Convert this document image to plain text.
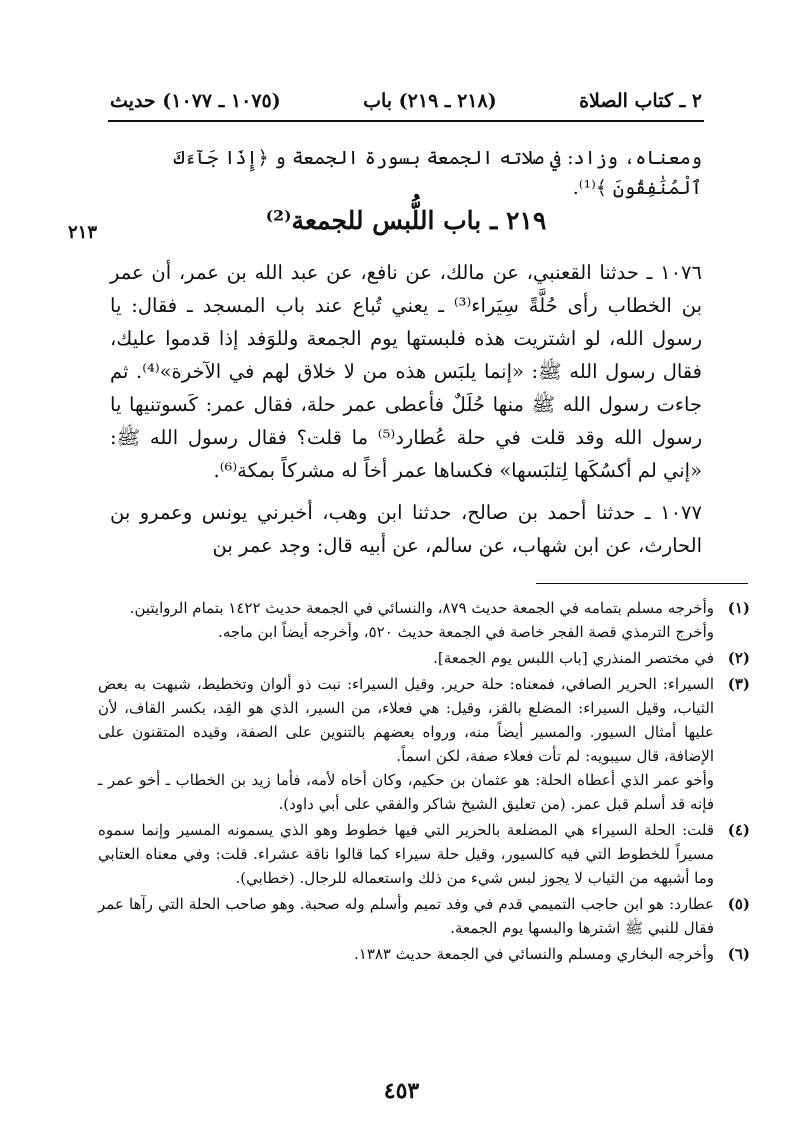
٢ ـ كتاب الصلاة
(٢١٨ ـ ٢١٩) باب
(١٠٧٥ ـ ١٠٧٧) حديث
ومعناه، وزاد: في صلاته الجمعة بسورة الجمعة و ﴿إِذَا جَآءَكَ ٱلْمُنَٰفِقُونَ ﴾⁽¹⁾.
٢١٩ ـ باب اللُّبس للجمعة⁽²⁾
٢١٣
١٠٧٦ ـ حدثنا القعنبي، عن مالك، عن نافع، عن عبد الله بن عمر، أن عمر بن الخطاب رأى حُلَّةً سِيَراء⁽³⁾ ـ يعني تُباع عند باب المسجد ـ فقال: يا رسول الله، لو اشتريت هذه فلبستها يوم الجمعة وللوَفد إذا قدموا عليك، فقال رسول الله ﷺ: «إنما يلبَس هذه من لا خلاق لهم في الآخرة»⁽⁴⁾. ثم جاءت رسول الله ﷺ منها حُلَلٌ فأعطى عمر حلة، فقال عمر: كَسوتنيها يا رسول الله وقد قلت في حلة عُطارد⁽⁵⁾ ما قلت؟ فقال رسول الله ﷺ: «إني لم أكسُكَها لِتلبَسها» فكساها عمر أخاً له مشركاً بمكة⁽⁶⁾.
١٠٧٧ ـ حدثنا أحمد بن صالح، حدثنا ابن وهب، أخبرني يونس وعمرو بن الحارث، عن ابن شهاب، عن سالم، عن أبيه قال: وجد عمر بن
(١)
وأخرجه مسلم بتمامه في الجمعة حديث ٨٧٩، والنسائي في الجمعة حديث ١٤٢٢ بتمام الروايتين.
وأخرج الترمذي قصة الفجر خاصة في الجمعة حديث ٥٢٠، وأخرجه أيضاً ابن ماجه.
(٢)
في مختصر المنذري [باب اللبس يوم الجمعة].
(٣)
السيراء: الحرير الصافي، فمعناه: حلة حرير. وقيل السيراء: نبت ذو ألوان وتخطيط، شبهت به بعض الثياب، وقيل السيراء: المضلع بالقز، وقيل: هي فعلاء، من السير، الذي هو القِد، بكسر القاف، لأن عليها أمثال السيور. والمسير أيضاً منه، ورواه بعضهم بالتنوين على الصفة، وقيده المتقنون على الإضافة، قال سيبويه: لم تأت فعلاء صفة، لكن اسماً.
وأخو عمر الذي أعطاه الحلة: هو عثمان بن حكيم، وكان أخاه لأمه، فأما زيد بن الخطاب ـ أخو عمر ـ فإنه قد أسلم قبل عمر. (من تعليق الشيخ شاكر والفقي على أبي داود).
(٤)
قلت: الحلة السيراء هي المضلعة بالحرير التي فيها خطوط وهو الذي يسمونه المسير وإنما سموه مسيراً للخطوط التي فيه كالسيور، وقيل حلة سيراء كما قالوا ناقة عشراء. قلت: وفي معناه العتابي وما أشبهه من الثياب لا يجوز لبس شيء من ذلك واستعماله للرجال. (خطابي).
(٥)
عطارد: هو ابن حاجب التميمي قدم في وفد تميم وأسلم وله صحبة. وهو صاحب الحلة التي رآها عمر فقال للنبي ﷺ اشترها والبسها يوم الجمعة.
(٦)
وأخرجه البخاري ومسلم والنسائي في الجمعة حديث ١٣٨٣.
٤٥٣
